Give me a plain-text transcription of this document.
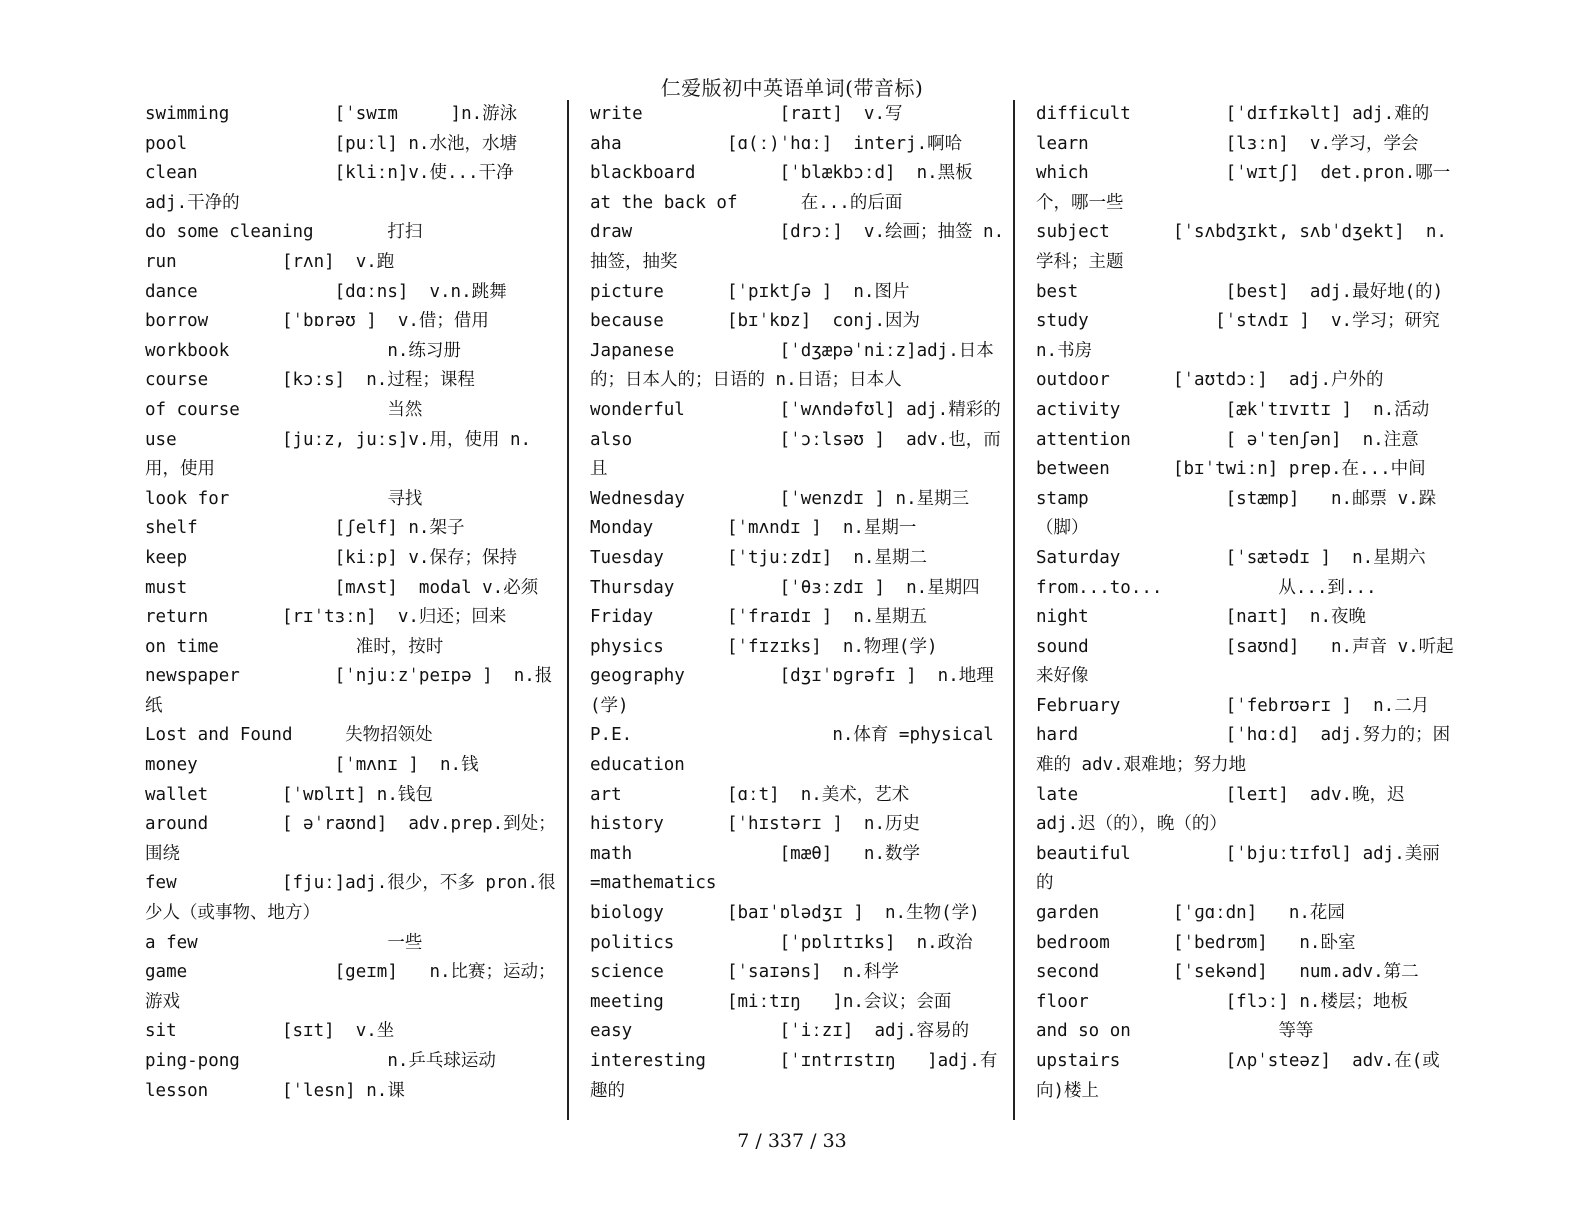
仁爱版初中英语单词(带音标)
swimming          [ˈswɪm     ]n.游泳
pool              [puːl] n.水池，水塘
clean             [kliːn]v.使...干净 adj.干净的
do some cleaning       打扫
run          [rʌn]  v.跑
dance             [dɑːns]  v.n.跳舞
borrow       [ˈbɒrəʊ ]  v.借；借用
workbook               n.练习册
course       [kɔːs]  n.过程；课程
of course              当然
use          [juːz, juːs]v.用，使用 n.用，使用
look for               寻找
shelf             [ʃelf] n.架子
keep              [kiːp] v.保存；保持
must              [mʌst]  modal v.必须
return       [rɪˈtɜːn]  v.归还；回来
on time             准时，按时
newspaper         [ˈnjuːzˈpeɪpə ]  n.报纸
Lost and Found     失物招领处
money             [ˈmʌnɪ ]  n.钱
wallet       [ˈwɒlɪt] n.钱包
around       [ əˈraʊnd]  adv.prep.到处；围绕
few          [fjuː]adj.很少，不多 pron.很少人（或事物、地方）
a few                  一些
game              [geɪm]   n.比赛；运动；游戏
sit          [sɪt]  v.坐
ping-pong              n.乒乓球运动
lesson       [ˈlesn] n.课
write             [raɪt]  v.写
aha          [ɑ(ː)ˈhɑː]  interj.啊哈
blackboard        [ˈblækbɔːd]  n.黑板
at the back of      在...的后面
draw              [drɔː]  v.绘画；抽签 n.抽签，抽奖
picture      [ˈpɪktʃə ]  n.图片
because      [bɪˈkɒz]  conj.因为
Japanese          [ˈdʒæpəˈniːz]adj.日本的；日本人的；日语的 n.日语；日本人
wonderful         [ˈwʌndəfʊl] adj.精彩的
also              [ˈɔːlsəʊ ]  adv.也，而且
Wednesday         [ˈwenzdɪ ] n.星期三
Monday       [ˈmʌndɪ ]  n.星期一
Tuesday      [ˈtjuːzdɪ]  n.星期二
Thursday          [ˈθɜːzdɪ ]  n.星期四
Friday       [ˈfraɪdɪ ]  n.星期五
physics      [ˈfɪzɪks]  n.物理(学)
geography         [dʒɪˈɒɡrəfɪ ]  n.地理(学)
P.E.                   n.体育 =physical education
art          [ɑːt]  n.美术，艺术
history      [ˈhɪstərɪ ]  n.历史
math              [mæθ]   n.数学 =mathematics
biology      [baɪˈɒlədʒɪ ]  n.生物(学)
politics          [ˈpɒlɪtɪks]  n.政治
science      [ˈsaɪəns]  n.科学
meeting      [miːtɪŋ   ]n.会议；会面
easy              [ˈiːzɪ]  adj.容易的
interesting       [ˈɪntrɪstɪŋ   ]adj.有趣的
difficult         [ˈdɪfɪkəlt] adj.难的
learn             [lɜːn]  v.学习，学会
which             [ˈwɪtʃ]  det.pron.哪一个，哪一些
subject      [ˈsʌbdʒɪkt, sʌbˈdʒekt]  n.学科；主题
best              [best]  adj.最好地(的)
study            [ˈstʌdɪ ]  v.学习；研究 n.书房
outdoor      [ˈaʊtdɔː]  adj.户外的
activity          [ækˈtɪvɪtɪ ]  n.活动
attention         [ əˈtenʃən]  n.注意
between      [bɪˈtwiːn] prep.在...中间
stamp             [stæmp]   n.邮票 v.跺（脚）
Saturday          [ˈsætədɪ ]  n.星期六
from...to...           从...到...
night             [naɪt]  n.夜晚
sound             [saʊnd]   n.声音 v.听起来好像
February          [ˈfebrʊərɪ ]  n.二月
hard              [ˈhɑːd]  adj.努力的；困难的 adv.艰难地；努力地
late              [leɪt]  adv.晚，迟 adj.迟（的），晚（的）
beautiful         [ˈbjuːtɪfʊl] adj.美丽的
garden       [ˈɡɑːdn]   n.花园
bedroom      [ˈbedrʊm]   n.卧室
second       [ˈsekənd]   num.adv.第二
floor             [flɔː] n.楼层；地板
and so on              等等
upstairs          [ʌpˈsteəz]  adv.在(或向)楼上
7 / 337 / 33
